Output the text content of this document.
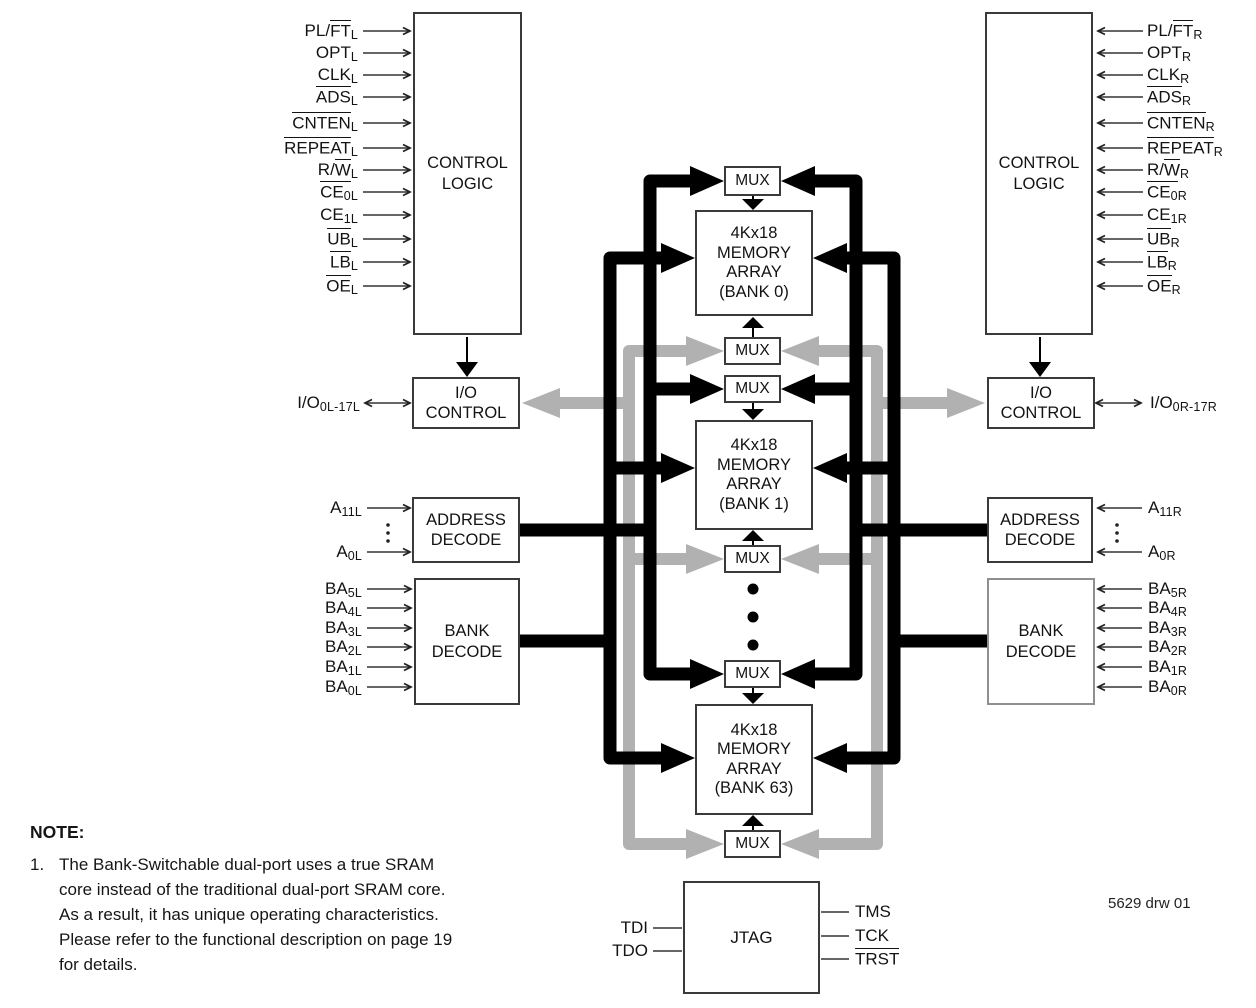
CONTROL
LOGIC
I/O
CONTROL
ADDRESS
DECODE
BANK
DECODE
CONTROL
LOGIC
I/O
CONTROL
ADDRESS
DECODE
BANK
DECODE
MUX
4Kx18
MEMORY
ARRAY
(BANK 0)
MUX
MUX
4Kx18
MEMORY
ARRAY
(BANK 1)
MUX
MUX
4Kx18
MEMORY
ARRAY
(BANK 63)
MUX
JTAG
NOTE:
1. The Bank-Switchable dual-port uses a true SRAM
core instead of the traditional dual-port SRAM core.
As a result, it has unique operating characteristics.
Please refer to the functional description on page 19
for details.
5629 drw 01
PL/FTL
OPTL
CLKL
ADSL
CNTENL
REPEATL
R/WL
CE0L
CE1L
UBL
LBL
OEL
PL/FTR
OPTR
CLKR
ADSR
CNTENR
REPEATR
R/WR
CE0R
CE1R
UBR
LBR
OER
I/O0L-17L	I/O0R-17R
A11L
A0L
A11R
A0R
BA5L
BA4L
BA3L
BA2L
BA1L
BA0L
BA5R
BA4R
BA3R
BA2R
BA1R
BA0R
TDI
TDO
TMS
TCK
TRST
